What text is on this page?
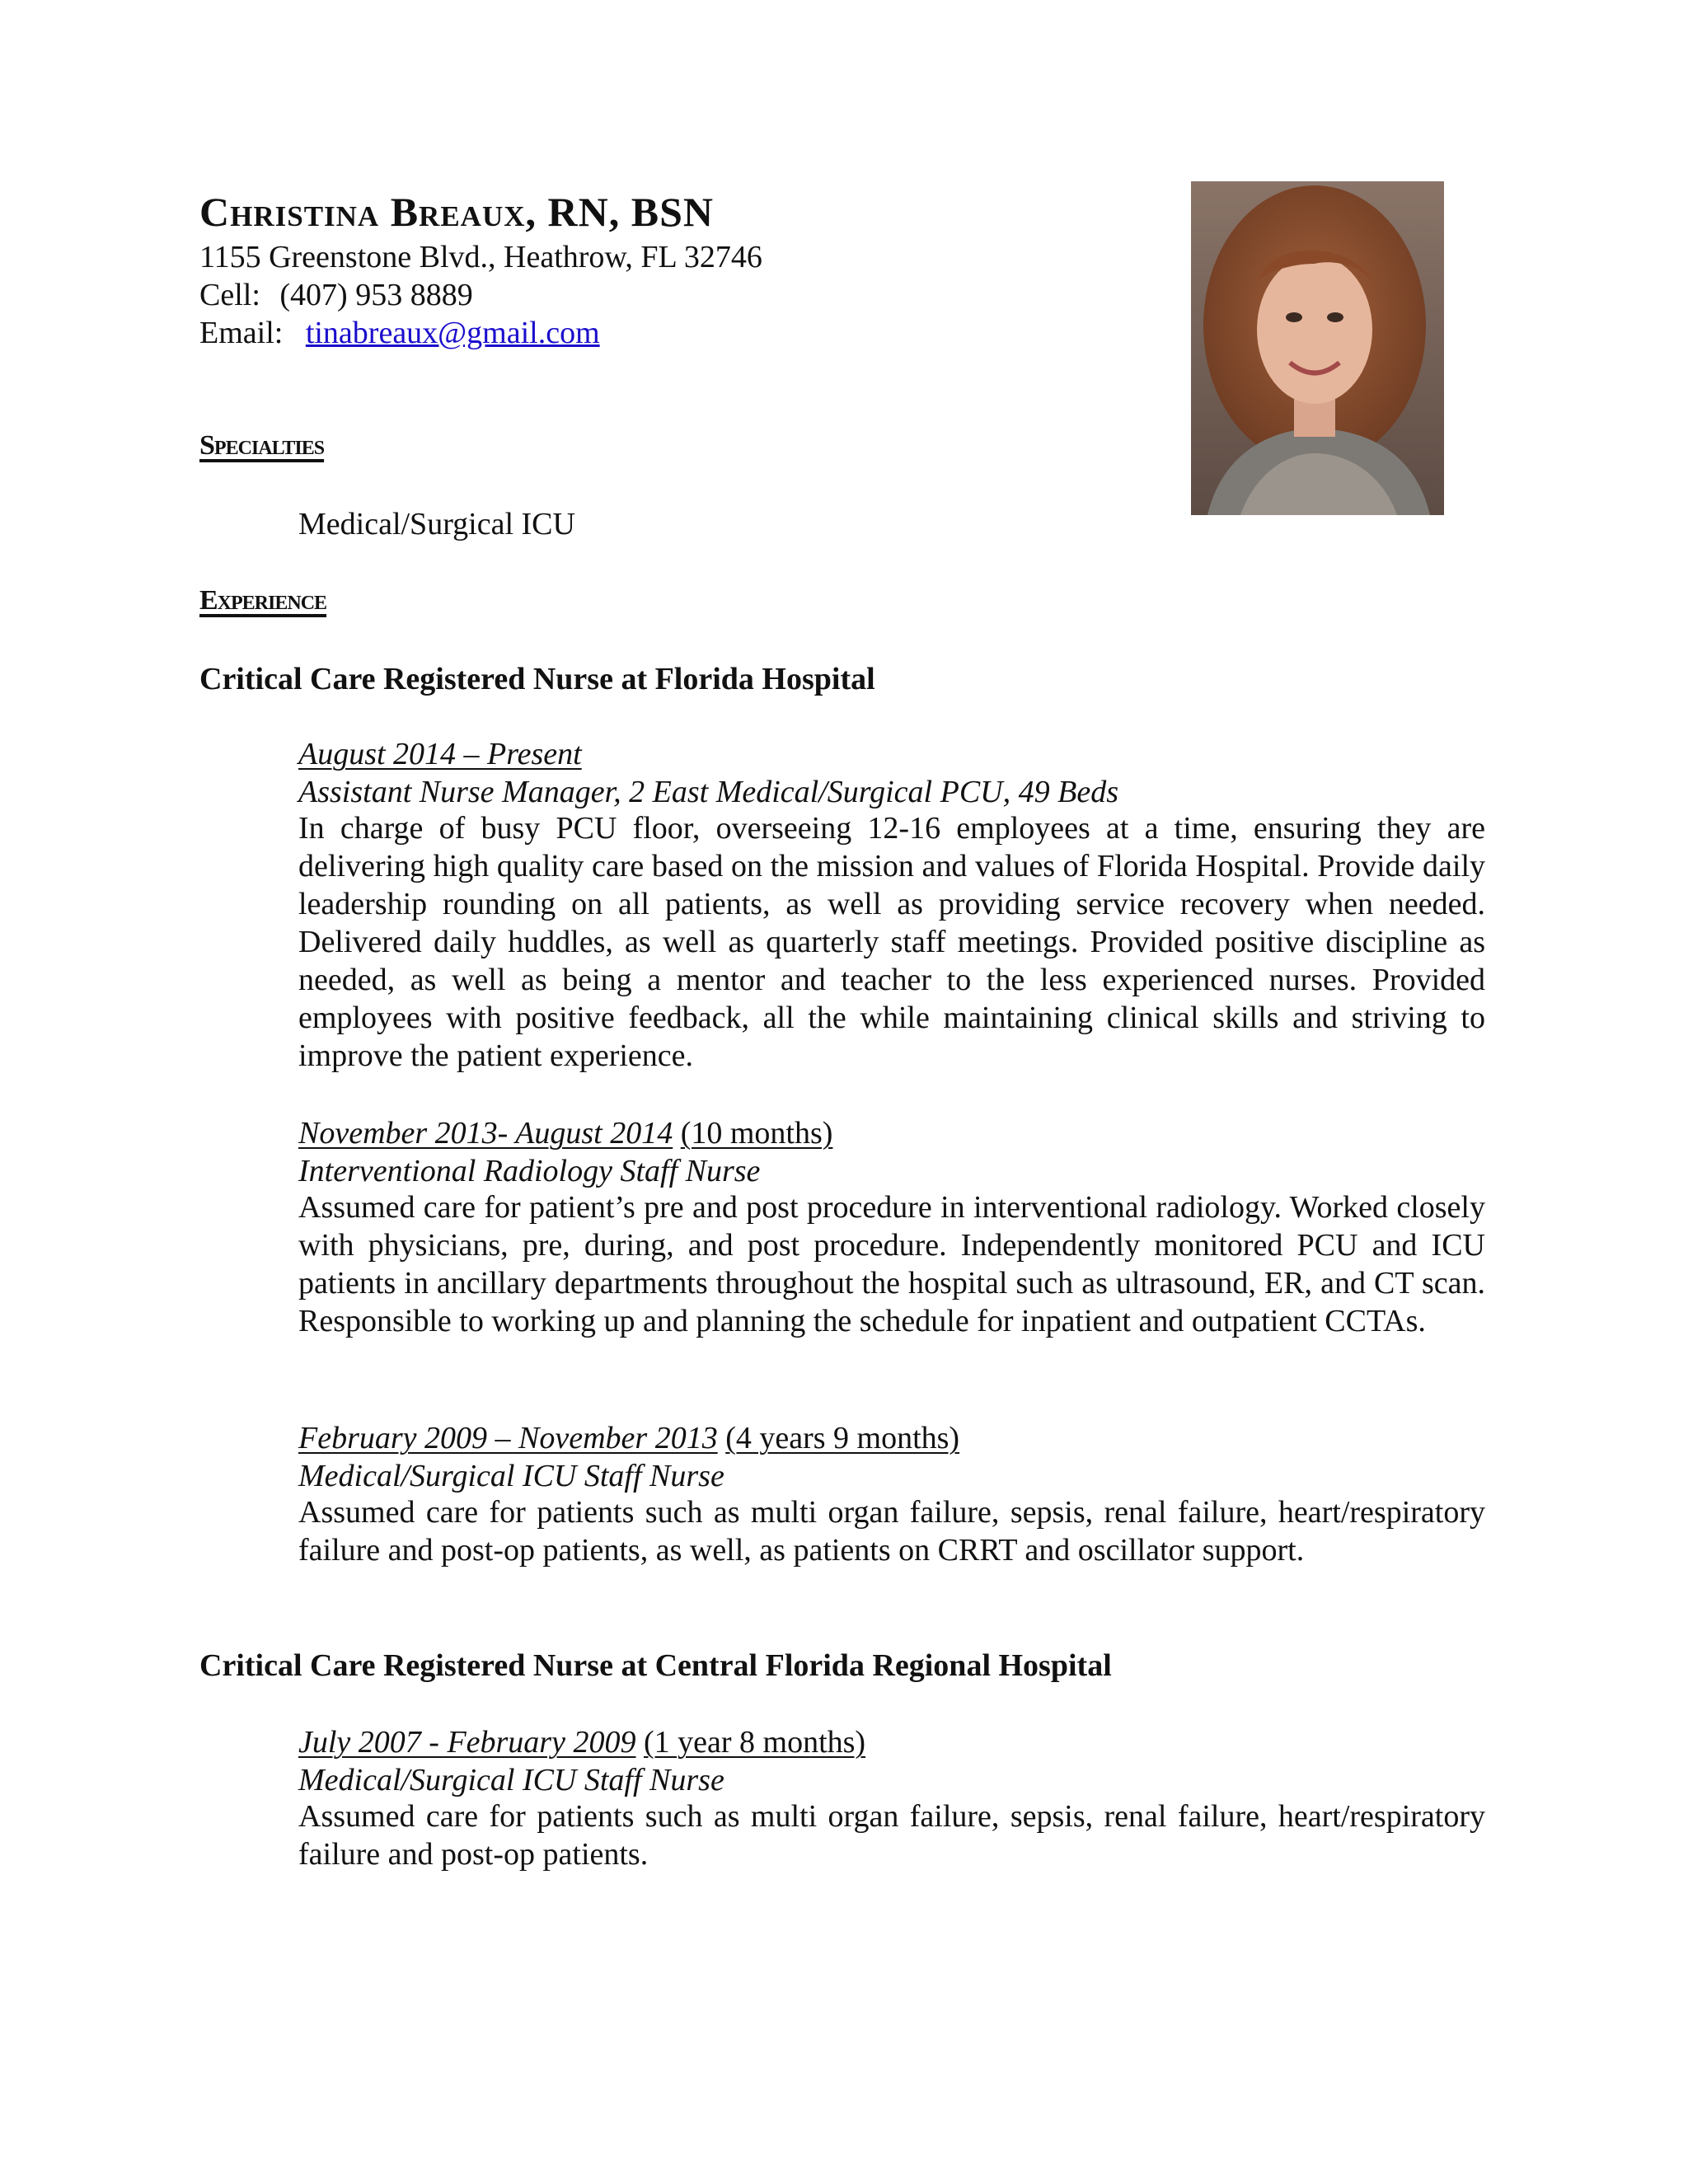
Christina Breaux, RN, BSN
1155 Greenstone Blvd., Heathrow, FL 32746
Cell: (407) 953 8889
Email: tinabreaux@gmail.com
Specialties
Medical/Surgical ICU
Experience
Critical Care Registered Nurse at Florida Hospital
August 2014 – Present
Assistant Nurse Manager, 2 East Medical/Surgical PCU, 49 Beds
In charge of busy PCU floor, overseeing 12-16 employees at a time, ensuring they are delivering high quality care based on the mission and values of Florida Hospital. Provide daily leadership rounding on all patients, as well as providing service recovery when needed. Delivered daily huddles, as well as quarterly staff meetings. Provided positive discipline as needed, as well as being a mentor and teacher to the less experienced nurses. Provided employees with positive feedback, all the while maintaining clinical skills and striving to improve the patient experience.
November 2013- August 2014 (10 months)
Interventional Radiology Staff Nurse
Assumed care for patient’s pre and post procedure in interventional radiology. Worked closely with physicians, pre, during, and post procedure. Independently monitored PCU and ICU patients in ancillary departments throughout the hospital such as ultrasound, ER, and CT scan. Responsible to working up and planning the schedule for inpatient and outpatient CCTAs.
February 2009 – November 2013 (4 years 9 months)
Medical/Surgical ICU Staff Nurse
Assumed care for patients such as multi organ failure, sepsis, renal failure, heart/respiratory failure and post-op patients, as well, as patients on CRRT and oscillator support.
Critical Care Registered Nurse at Central Florida Regional Hospital
July 2007 - February 2009 (1 year 8 months)
Medical/Surgical ICU Staff Nurse
Assumed care for patients such as multi organ failure, sepsis, renal failure, heart/respiratory failure and post-op patients.
